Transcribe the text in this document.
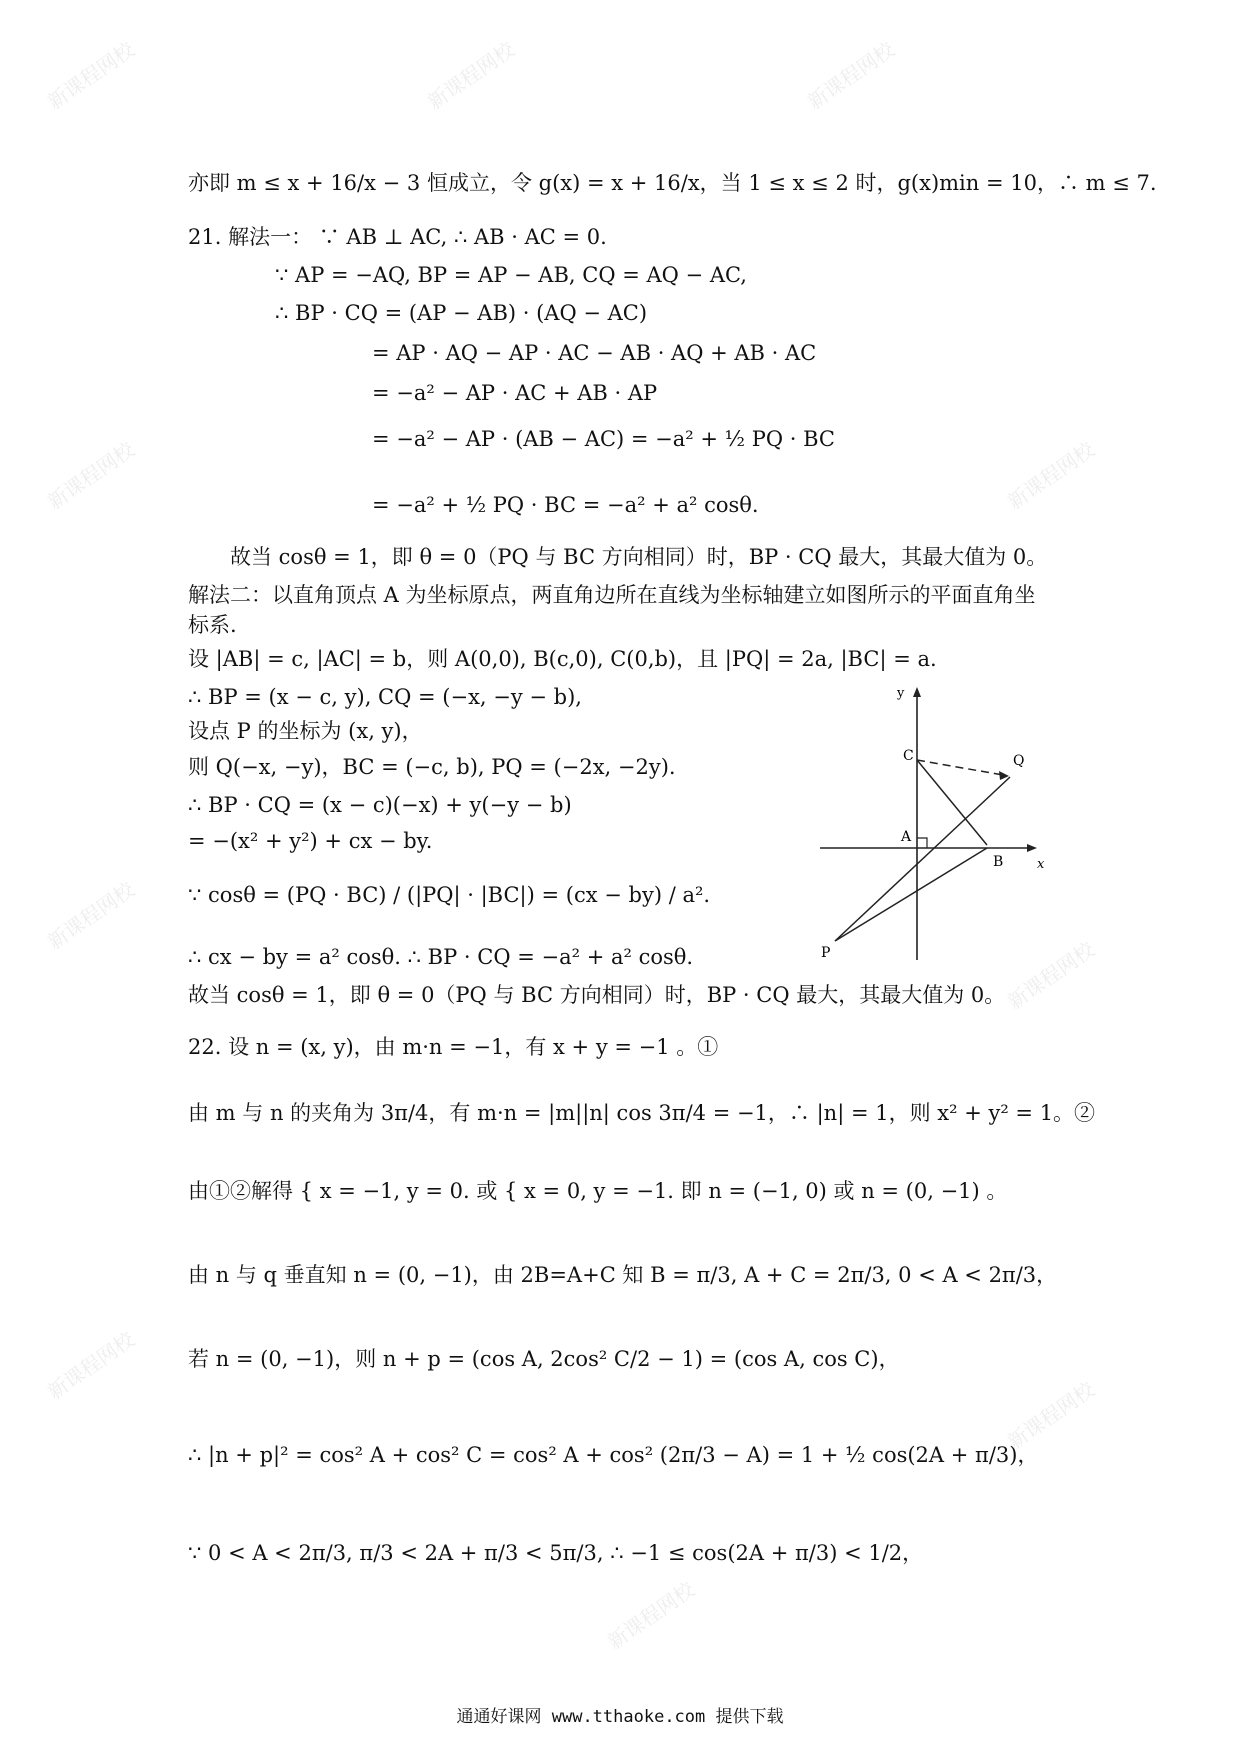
新课程网校	新课程网校	新课程网校
新课程网校	新课程网校
新课程网校
新课程网校
新课程网校
新课程网校
新课程网校
亦即 m ≤ x + 16/x − 3 恒成立，令 g(x) = x + 16/x，当 1 ≤ x ≤ 2 时，g(x)min = 10，∴ m ≤ 7.
21. 解法一： ∵ AB ⊥ AC, ∴ AB · AC = 0.
∵ AP = −AQ, BP = AP − AB, CQ = AQ − AC,
∴ BP · CQ = (AP − AB) · (AQ − AC)
= AP · AQ − AP · AC − AB · AQ + AB · AC
= −a² − AP · AC + AB · AP
= −a² − AP · (AB − AC) = −a² + ½ PQ · BC
= −a² + ½ PQ · BC = −a² + a² cosθ.
故当 cosθ = 1，即 θ = 0（PQ 与 BC 方向相同）时，BP · CQ 最大，其最大值为 0。
解法二：以直角顶点 A 为坐标原点，两直角边所在直线为坐标轴建立如图所示的平面直角坐
标系.
设 |AB| = c, |AC| = b，则 A(0,0), B(c,0), C(0,b)，且 |PQ| = 2a, |BC| = a.
∴ BP = (x − c, y), CQ = (−x, −y − b),
设点 P 的坐标为 (x, y)，
则 Q(−x, −y)，BC = (−c, b), PQ = (−2x, −2y).
∴ BP · CQ = (x − c)(−x) + y(−y − b)
= −(x² + y²) + cx − by.
∵ cosθ = (PQ · BC) / (|PQ| · |BC|) = (cx − by) / a².
∴ cx − by = a² cosθ. ∴ BP · CQ = −a² + a² cosθ.
故当 cosθ = 1，即 θ = 0（PQ 与 BC 方向相同）时，BP · CQ 最大，其最大值为 0。
22. 设 n = (x, y)，由 m·n = −1，有 x + y = −1 。①
由 m 与 n 的夹角为 3π/4，有 m·n = |m||n| cos 3π/4 = −1，∴ |n| = 1，则 x² + y² = 1。②
由①②解得 { x = −1, y = 0. 或 { x = 0, y = −1. 即 n = (−1, 0) 或 n = (0, −1) 。
由 n 与 q 垂直知 n = (0, −1)，由 2B=A+C 知 B = π/3, A + C = 2π/3, 0 < A < 2π/3，
若 n = (0, −1)，则 n + p = (cos A, 2cos² C/2 − 1) = (cos A, cos C)，
∴ |n + p|² = cos² A + cos² C = cos² A + cos² (2π/3 − A) = 1 + ½ cos(2A + π/3)，
∵ 0 < A < 2π/3, π/3 < 2A + π/3 < 5π/3, ∴ −1 ≤ cos(2A + π/3) < 1/2，
y
x
C	Q
A
B
P
通通好课网 www.tthaoke.com 提供下载
